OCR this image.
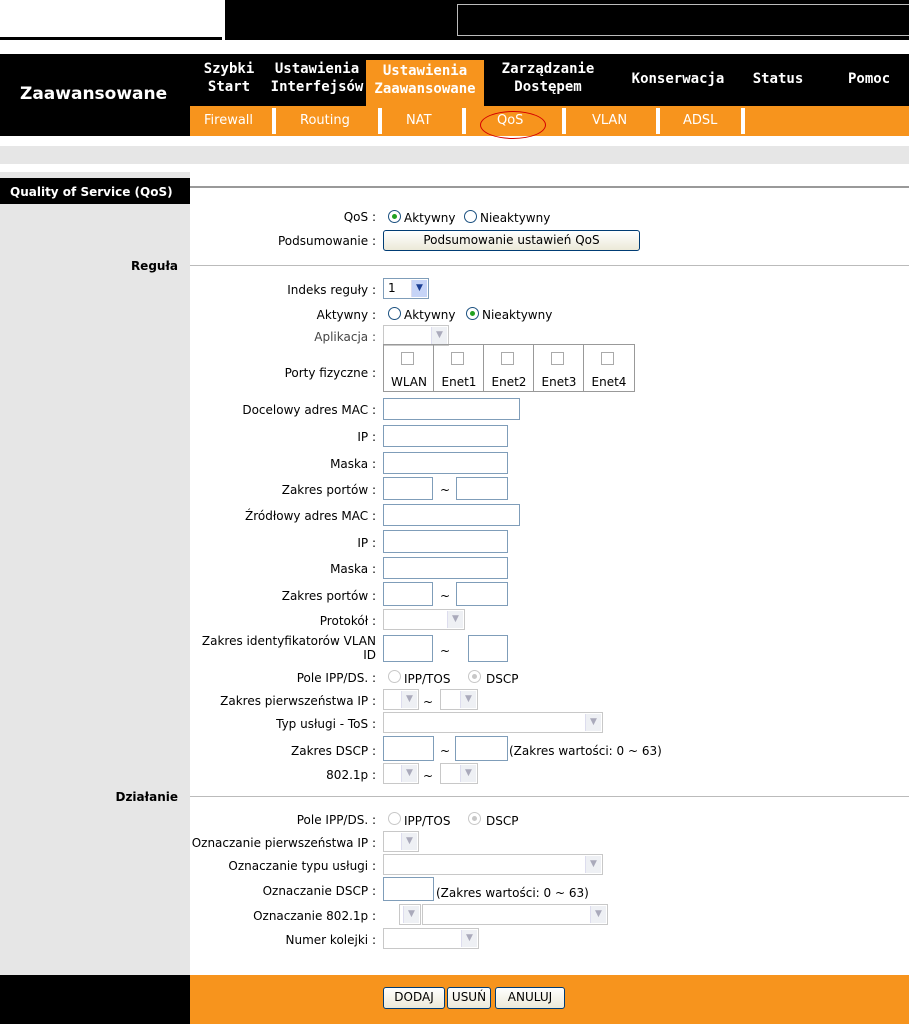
Zaawansowane
Szybki
Start
Ustawienia
Interfejsów
Ustawienia
Zaawansowane
Zarządzanie
Dostępem	Konserwacja	Status	Pomoc
Firewall	Routing	NAT	QoS	VLAN	ADSL
Quality of Service (QoS)
Reguła
Działanie
QoS : Aktywny Nieaktywny
Podsumowanie :	Podsumowanie ustawień QoS
Indeks reguły : 1	▼
Aktywny : Aktywny Nieaktywny
Aplikacja :	▼
Porty fizyczne :
WLAN	Enet1	Enet2	Enet3	Enet4
Docelowy adres MAC :
IP :
Maska :
Zakres portów :	~
Źródłowy adres MAC :
IP :
Maska :
Zakres portów :	~
Protokół :	▼
Zakres identyfikatorów VLAN
ID	~
Pole IPP/DS. : IPP/TOS	DSCP
Zakres pierwszeństwa IP :	▼ ~	▼
Typ usługi - ToS :	▼
Zakres DSCP :	~	(Zakres wartości: 0 ~ 63)
802.1p :	▼ ~	▼
Pole IPP/DS. : IPP/TOS	DSCP
Oznaczanie pierwszeństwa IP :	▼
Oznaczanie typu usługi :	▼
Oznaczanie DSCP :	(Zakres wartości: 0 ~ 63)
Oznaczanie 802.1p :	▼	▼
Numer kolejki :	▼
DODAJ	USUŃ	ANULUJ
